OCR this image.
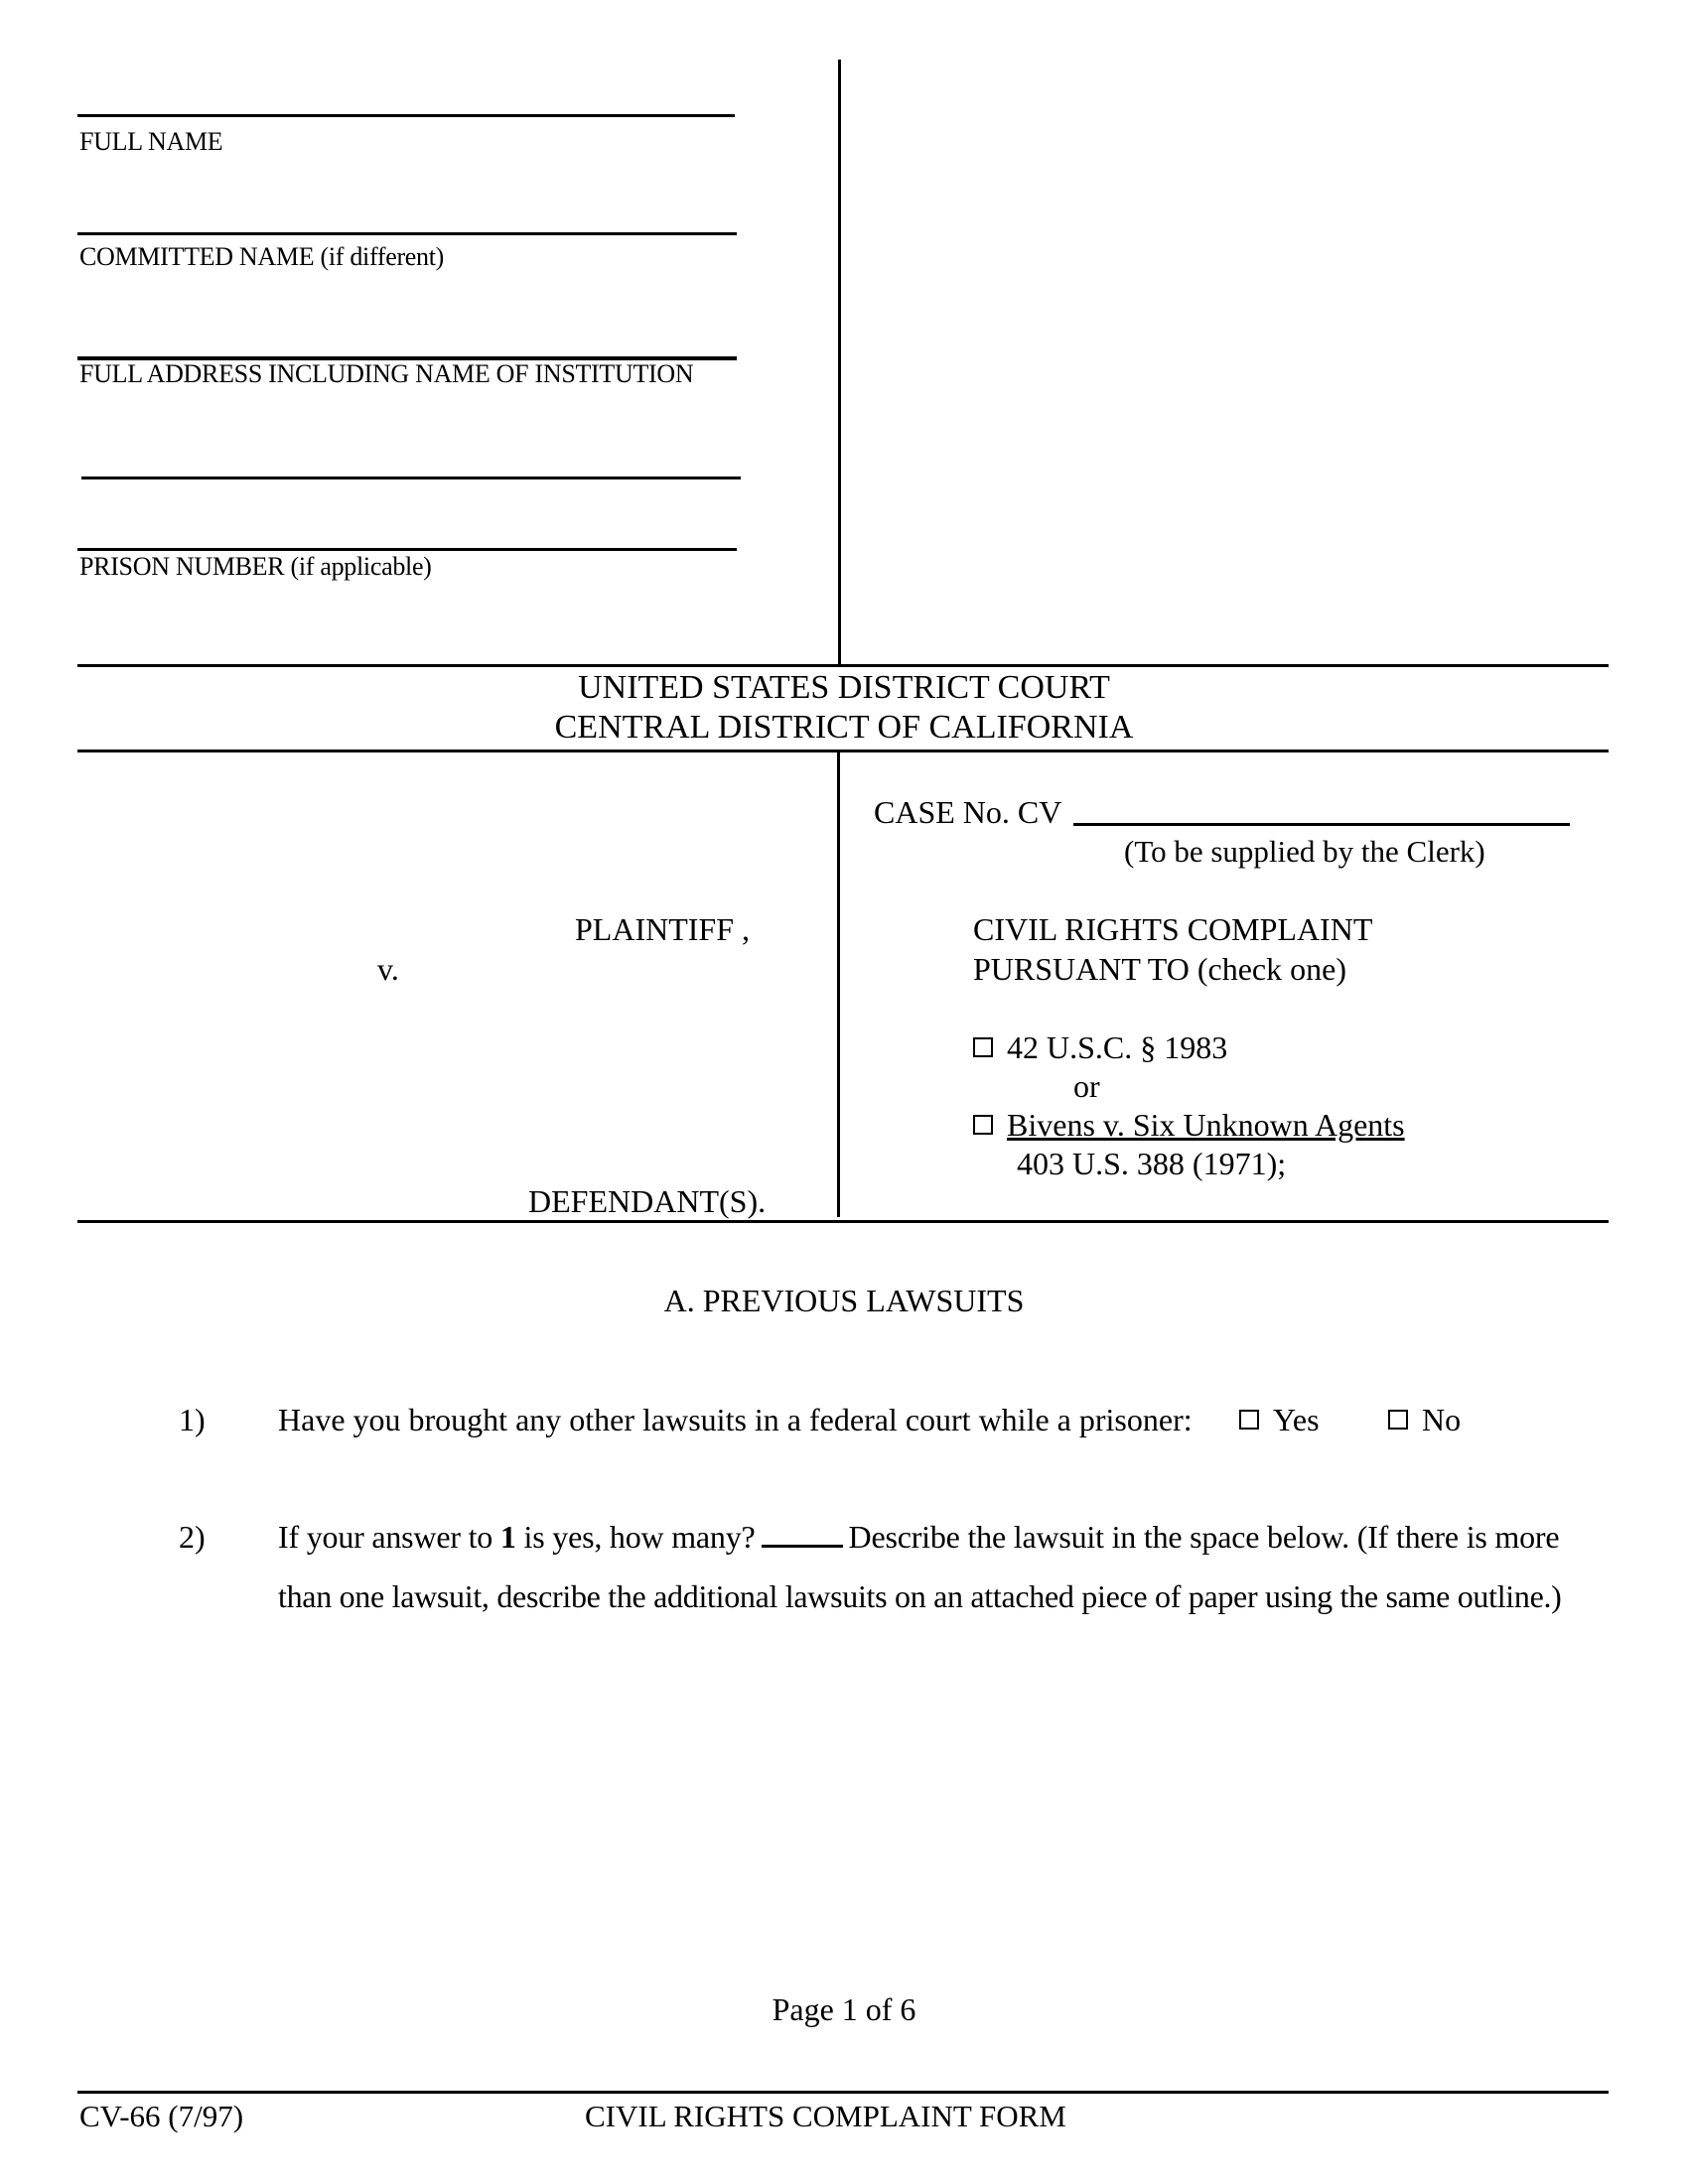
FULL NAME
COMMITTED NAME (if different)
FULL ADDRESS INCLUDING NAME OF INSTITUTION
PRISON NUMBER (if applicable)
UNITED STATES DISTRICT COURT
CENTRAL DISTRICT OF CALIFORNIA
PLAINTIFF ,
v.
DEFENDANT(S).
CASE No. CV
(To be supplied by the Clerk)
CIVIL RIGHTS COMPLAINT
PURSUANT TO (check one)
42 U.S.C. § 1983
or
Bivens v. Six Unknown Agents
403 U.S. 388 (1971);
A. PREVIOUS LAWSUITS
1) Have you brought any other lawsuits in a federal court while a prisoner:	Yes	No
2) If your answer to 1 is yes, how many?	Describe the lawsuit in the space below. (If there is more
than one lawsuit, describe the additional lawsuits on an attached piece of paper using the same outline.)
Page 1 of 6
CV-66 (7/97)	CIVIL RIGHTS COMPLAINT FORM
